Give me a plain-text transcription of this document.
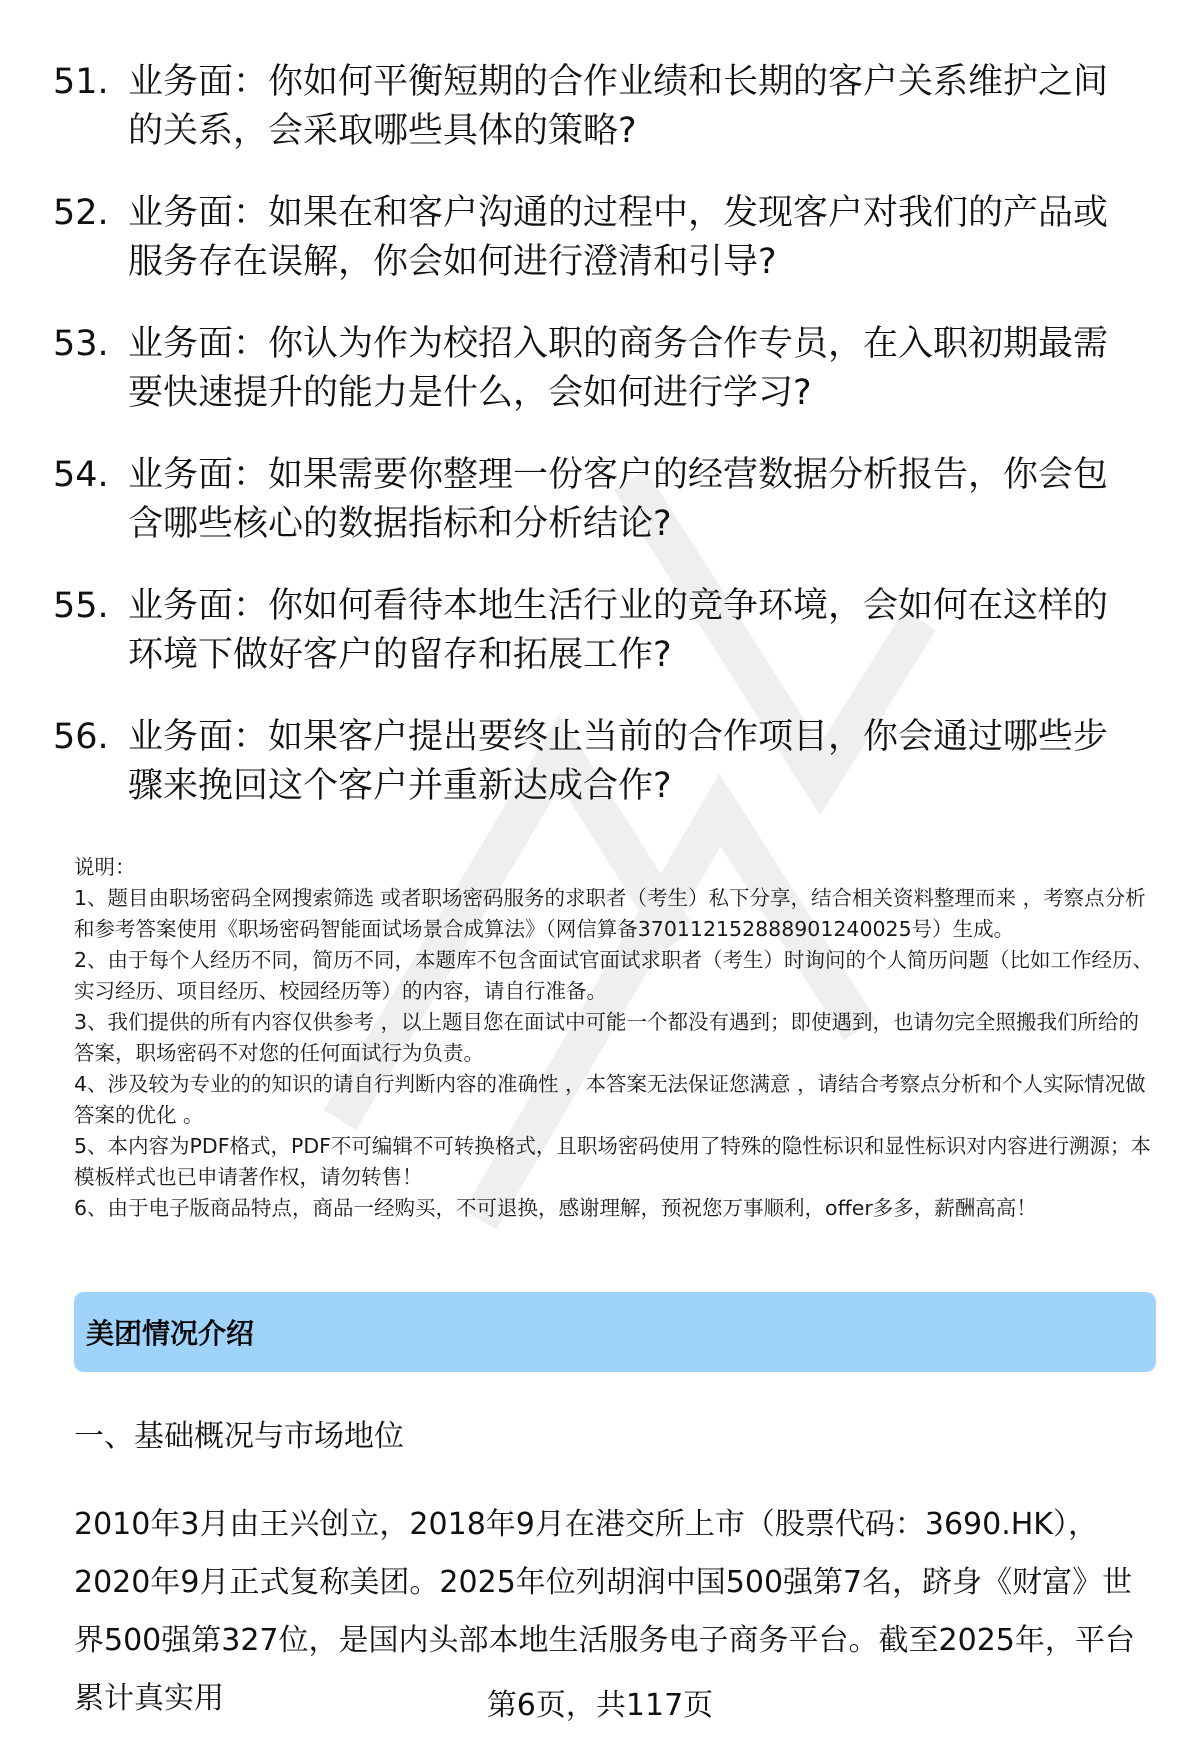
51. 业务面：你如何平衡短期的合作业绩和长期的客户关系维护之间的关系，会采取哪些具体的策略?
52. 业务面：如果在和客户沟通的过程中，发现客户对我们的产品或服务存在误解，你会如何进行澄清和引导?
53. 业务面：你认为作为校招入职的商务合作专员，在入职初期最需要快速提升的能力是什么，会如何进行学习?
54. 业务面：如果需要你整理一份客户的经营数据分析报告，你会包含哪些核心的数据指标和分析结论?
55. 业务面：你如何看待本地生活行业的竞争环境，会如何在这样的环境下做好客户的留存和拓展工作?
56. 业务面：如果客户提出要终止当前的合作项目，你会通过哪些步骤来挽回这个客户并重新达成合作?

说明：

1、题目由职场密码全网搜索筛选 或者职场密码服务的求职者（考生）私下分享，结合相关资料整理而来 ，考察点分析和参考答案使用《职场密码智能面试场景合成算法》（网信算备370112152888901240025号）生成。

2、由于每个人经历不同，简历不同，本题库不包含面试官面试求职者（考生）时询问的个人简历问题（比如工作经历、实习经历、项目经历、校园经历等）的内容，请自行准备。

3、我们提供的所有内容仅供参考 ，以上题目您在面试中可能一个都没有遇到；即使遇到，也请勿完全照搬我们所给的答案，职场密码不对您的任何面试行为负责。

4、涉及较为专业的的知识的请自行判断内容的准确性 ，本答案无法保证您满意 ，请结合考察点分析和个人实际情况做答案的优化 。

5、本内容为PDF格式，PDF不可编辑不可转换格式，且职场密码使用了特殊的隐性标识和显性标识对内容进行溯源；本模板样式也已申请著作权，请勿转售！

6、由于电子版商品特点，商品一经购买，不可退换，感谢理解，预祝您万事顺利，offer多多，薪酬高高！

美团情况介绍
一、基础概况与市场地位
2010年3月由王兴创立，2018年9月在港交所上市（股票代码：3690.HK），2020年9月正式复称美团。2025年位列胡润中国500强第7名，跻身《财富》世界500强第327位，是国内头部本地生活服务电子商务平台。截至2025年，平台累计真实用	第6页，共117页
